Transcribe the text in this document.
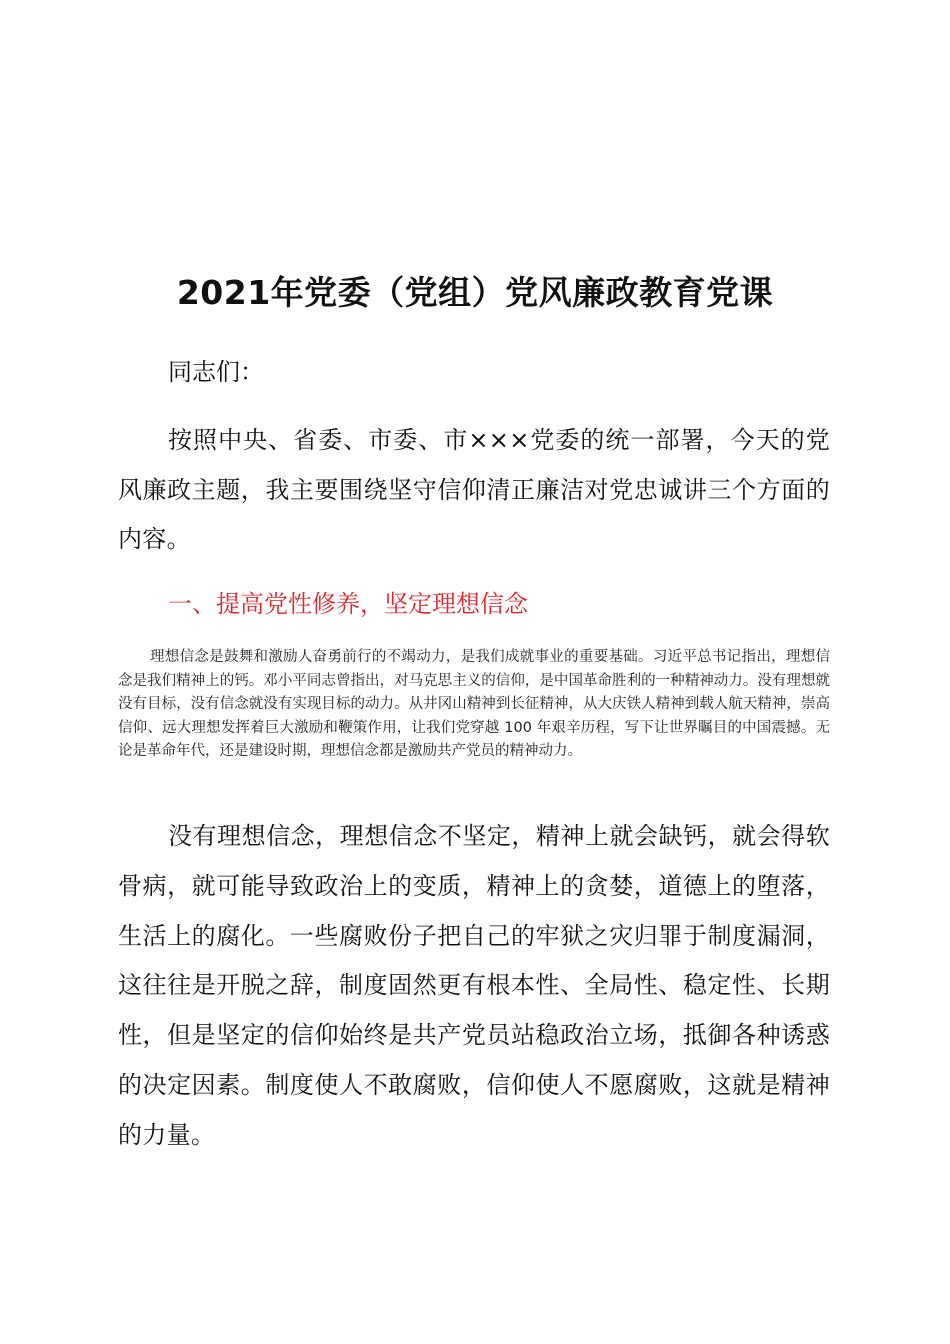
2021年党委（党组）党风廉政教育党课
同志们：
按照中央、省委、市委、市×××党委的统一部署，今天的党风廉政主题，我主要围绕坚守信仰清正廉洁对党忠诚讲三个方面的内容。
一、提高党性修养，坚定理想信念
理想信念是鼓舞和激励人奋勇前行的不竭动力，是我们成就事业的重要基础。习近平总书记指出，理想信念是我们精神上的钙。邓小平同志曾指出，对马克思主义的信仰，是中国革命胜利的一种精神动力。没有理想就没有目标，没有信念就没有实现目标的动力。从井冈山精神到长征精神，从大庆铁人精神到载人航天精神，崇高信仰、远大理想发挥着巨大激励和鞭策作用，让我们党穿越 100 年艰辛历程，写下让世界瞩目的中国震撼。无论是革命年代，还是建设时期，理想信念都是激励共产党员的精神动力。
没有理想信念，理想信念不坚定，精神上就会缺钙，就会得软骨病，就可能导致政治上的变质，精神上的贪婪，道德上的堕落，生活上的腐化。一些腐败份子把自己的牢狱之灾归罪于制度漏洞，这往往是开脱之辞，制度固然更有根本性、全局性、稳定性、长期性，但是坚定的信仰始终是共产党员站稳政治立场，抵御各种诱惑的决定因素。制度使人不敢腐败，信仰使人不愿腐败，这就是精神的力量。
